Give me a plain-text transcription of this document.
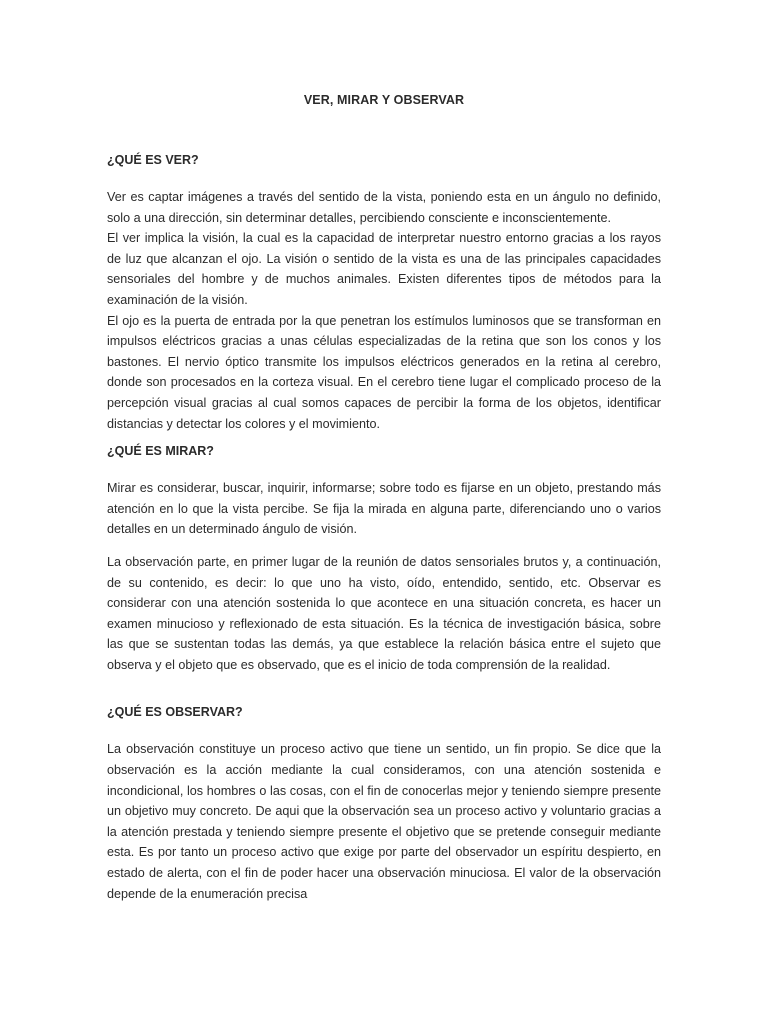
VER, MIRAR Y OBSERVAR
¿QUÉ ES VER?

Ver es captar imágenes a través del sentido de la vista, poniendo esta en un ángulo no definido, solo a una dirección, sin determinar detalles, percibiendo consciente e inconscientemente.

El ver implica la visión, la cual es la capacidad de interpretar nuestro entorno gracias a los rayos de luz que alcanzan el ojo. La visión o sentido de la vista es una de las principales capacidades sensoriales del hombre y de muchos animales. Existen diferentes tipos de métodos para la examinación de la visión.

El ojo es la puerta de entrada por la que penetran los estímulos luminosos que se transforman en impulsos eléctricos gracias a unas células especializadas de la retina que son los conos y los bastones. El nervio óptico transmite los impulsos eléctricos generados en la retina al cerebro, donde son procesados en la corteza visual. En el cerebro tiene lugar el complicado proceso de la percepción visual gracias al cual somos capaces de percibir la forma de los objetos, identificar distancias y detectar los colores y el movimiento.

¿QUÉ ES MIRAR?

Mirar es considerar, buscar, inquirir, informarse; sobre todo es fijarse en un objeto, prestando más atención en lo que la vista percibe. Se fija la mirada en alguna parte, diferenciando uno o varios detalles en un determinado ángulo de visión.

La observación parte, en primer lugar de la reunión de datos sensoriales brutos y, a continuación, de su contenido, es decir: lo que uno ha visto, oído, entendido, sentido, etc. Observar es considerar con una atención sostenida lo que acontece en una situación concreta, es hacer un examen minucioso y reflexionado de esta situación. Es la técnica de investigación básica, sobre las que se sustentan todas las demás, ya que establece la relación básica entre el sujeto que observa y el objeto que es observado, que es el inicio de toda comprensión de la realidad.

¿QUÉ ES OBSERVAR?

La observación constituye un proceso activo que tiene un sentido, un fin propio. Se dice que la observación es la acción mediante la cual consideramos, con una atención sostenida e incondicional, los hombres o las cosas, con el fin de conocerlas mejor y teniendo siempre presente un objetivo muy concreto. De aqui que la observación sea un proceso activo y voluntario gracias a la atención prestada y teniendo siempre presente el objetivo que se pretende conseguir mediante esta. Es por tanto un proceso activo que exige por parte del observador un espíritu despierto, en estado de alerta, con el fin de poder hacer una observación minuciosa. El valor de la observación depende de la enumeración precisa
